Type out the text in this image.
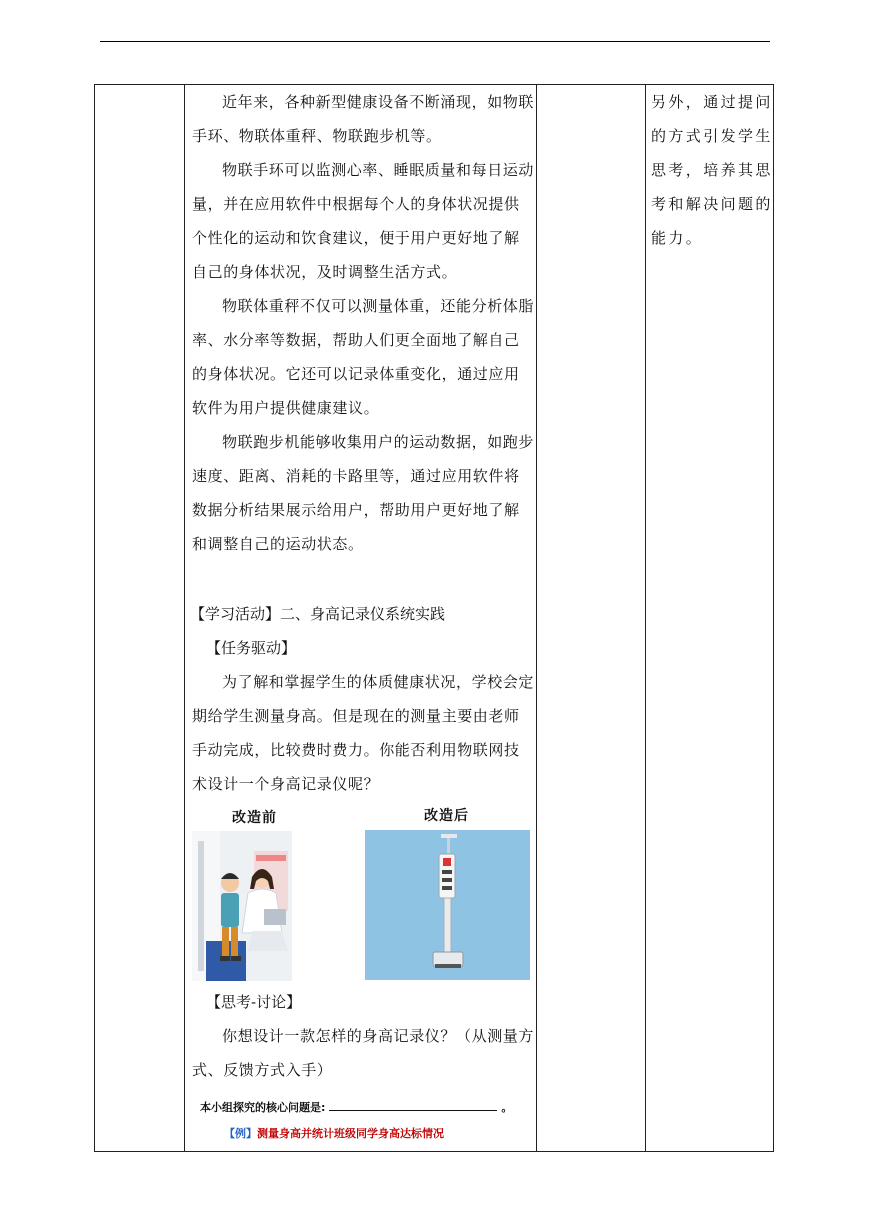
近年来，各种新型健康设备不断涌现，如物联手环、物联体重秤、物联跑步机等。

物联手环可以监测心率、睡眠质量和每日运动量，并在应用软件中根据每个人的身体状况提供个性化的运动和饮食建议，便于用户更好地了解自己的身体状况，及时调整生活方式。

物联体重秤不仅可以测量体重，还能分析体脂率、水分率等数据，帮助人们更全面地了解自己的身体状况。它还可以记录体重变化，通过应用软件为用户提供健康建议。

物联跑步机能够收集用户的运动数据，如跑步速度、距离、消耗的卡路里等，通过应用软件将数据分析结果展示给用户，帮助用户更好地了解和调整自己的运动状态。

【学习活动】二、身高记录仪系统实践

【任务驱动】

为了解和掌握学生的体质健康状况，学校会定期给学生测量身高。但是现在的测量主要由老师手动完成，比较费时费力。你能否利用物联网技术设计一个身高记录仪呢？

改造前	改造后

【思考-讨论】

你想设计一款怎样的身高记录仪？（从测量方式、反馈方式入手）

本小组探究的核心问题是:	。
【例】测量身高并统计班级同学身高达标情况

另外，通过提问的方式引发学生思考，培养其思考和解决问题的能力。
